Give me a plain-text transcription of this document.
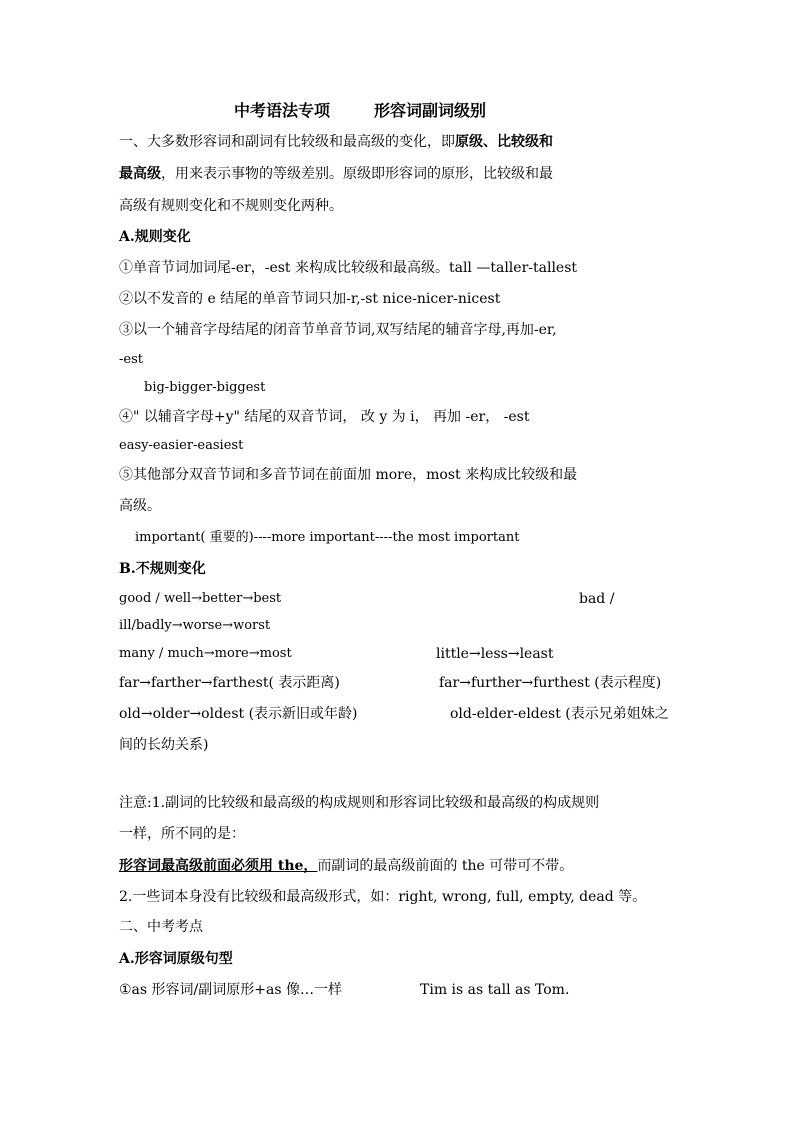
中考语法专项	形容词副词级别
一、大多数形容词和副词有比较级和最高级的变化，即原级、比较级和
最高级，用来表示事物的等级差别。原级即形容词的原形，比较级和最
高级有规则变化和不规则变化两种。
A.规则变化
①单音节词加词尾-er，-est 来构成比较级和最高级。tall —taller-tallest
②以不发音的 e 结尾的单音节词只加-r,-st nice-nicer-nicest
③以一个辅音字母结尾的闭音节单音节词,双写结尾的辅音字母,再加-er,
-est
big-bigger-biggest
④" 以辅音字母+y" 结尾的双音节词， 改 y 为 i， 再加 -er， -est
easy-easier-easiest
⑤其他部分双音节词和多音节词在前面加 more，most 来构成比较级和最
高级。
important( 重要的)----more important----the most important
B.不规则变化
good / well→better→best	bad /
ill/badly→worse→worst
many / much→more→most	little→less→least
far→farther→farthest( 表示距离)	far→further→furthest (表示程度)
old→older→oldest (表示新旧或年龄)	old-elder-eldest (表示兄弟姐妹之
间的长幼关系)
注意:1.副词的比较级和最高级的构成规则和形容词比较级和最高级的构成规则
一样，所不同的是：
形容词最高级前面必须用 the，而副词的最高级前面的 the 可带可不带。
2.一些词本身没有比较级和最高级形式，如：right, wrong, full, empty, dead 等。
二、中考考点
A.形容词原级句型
①as 形容词/副词原形+as 像…一样	Tim is as tall as Tom.
